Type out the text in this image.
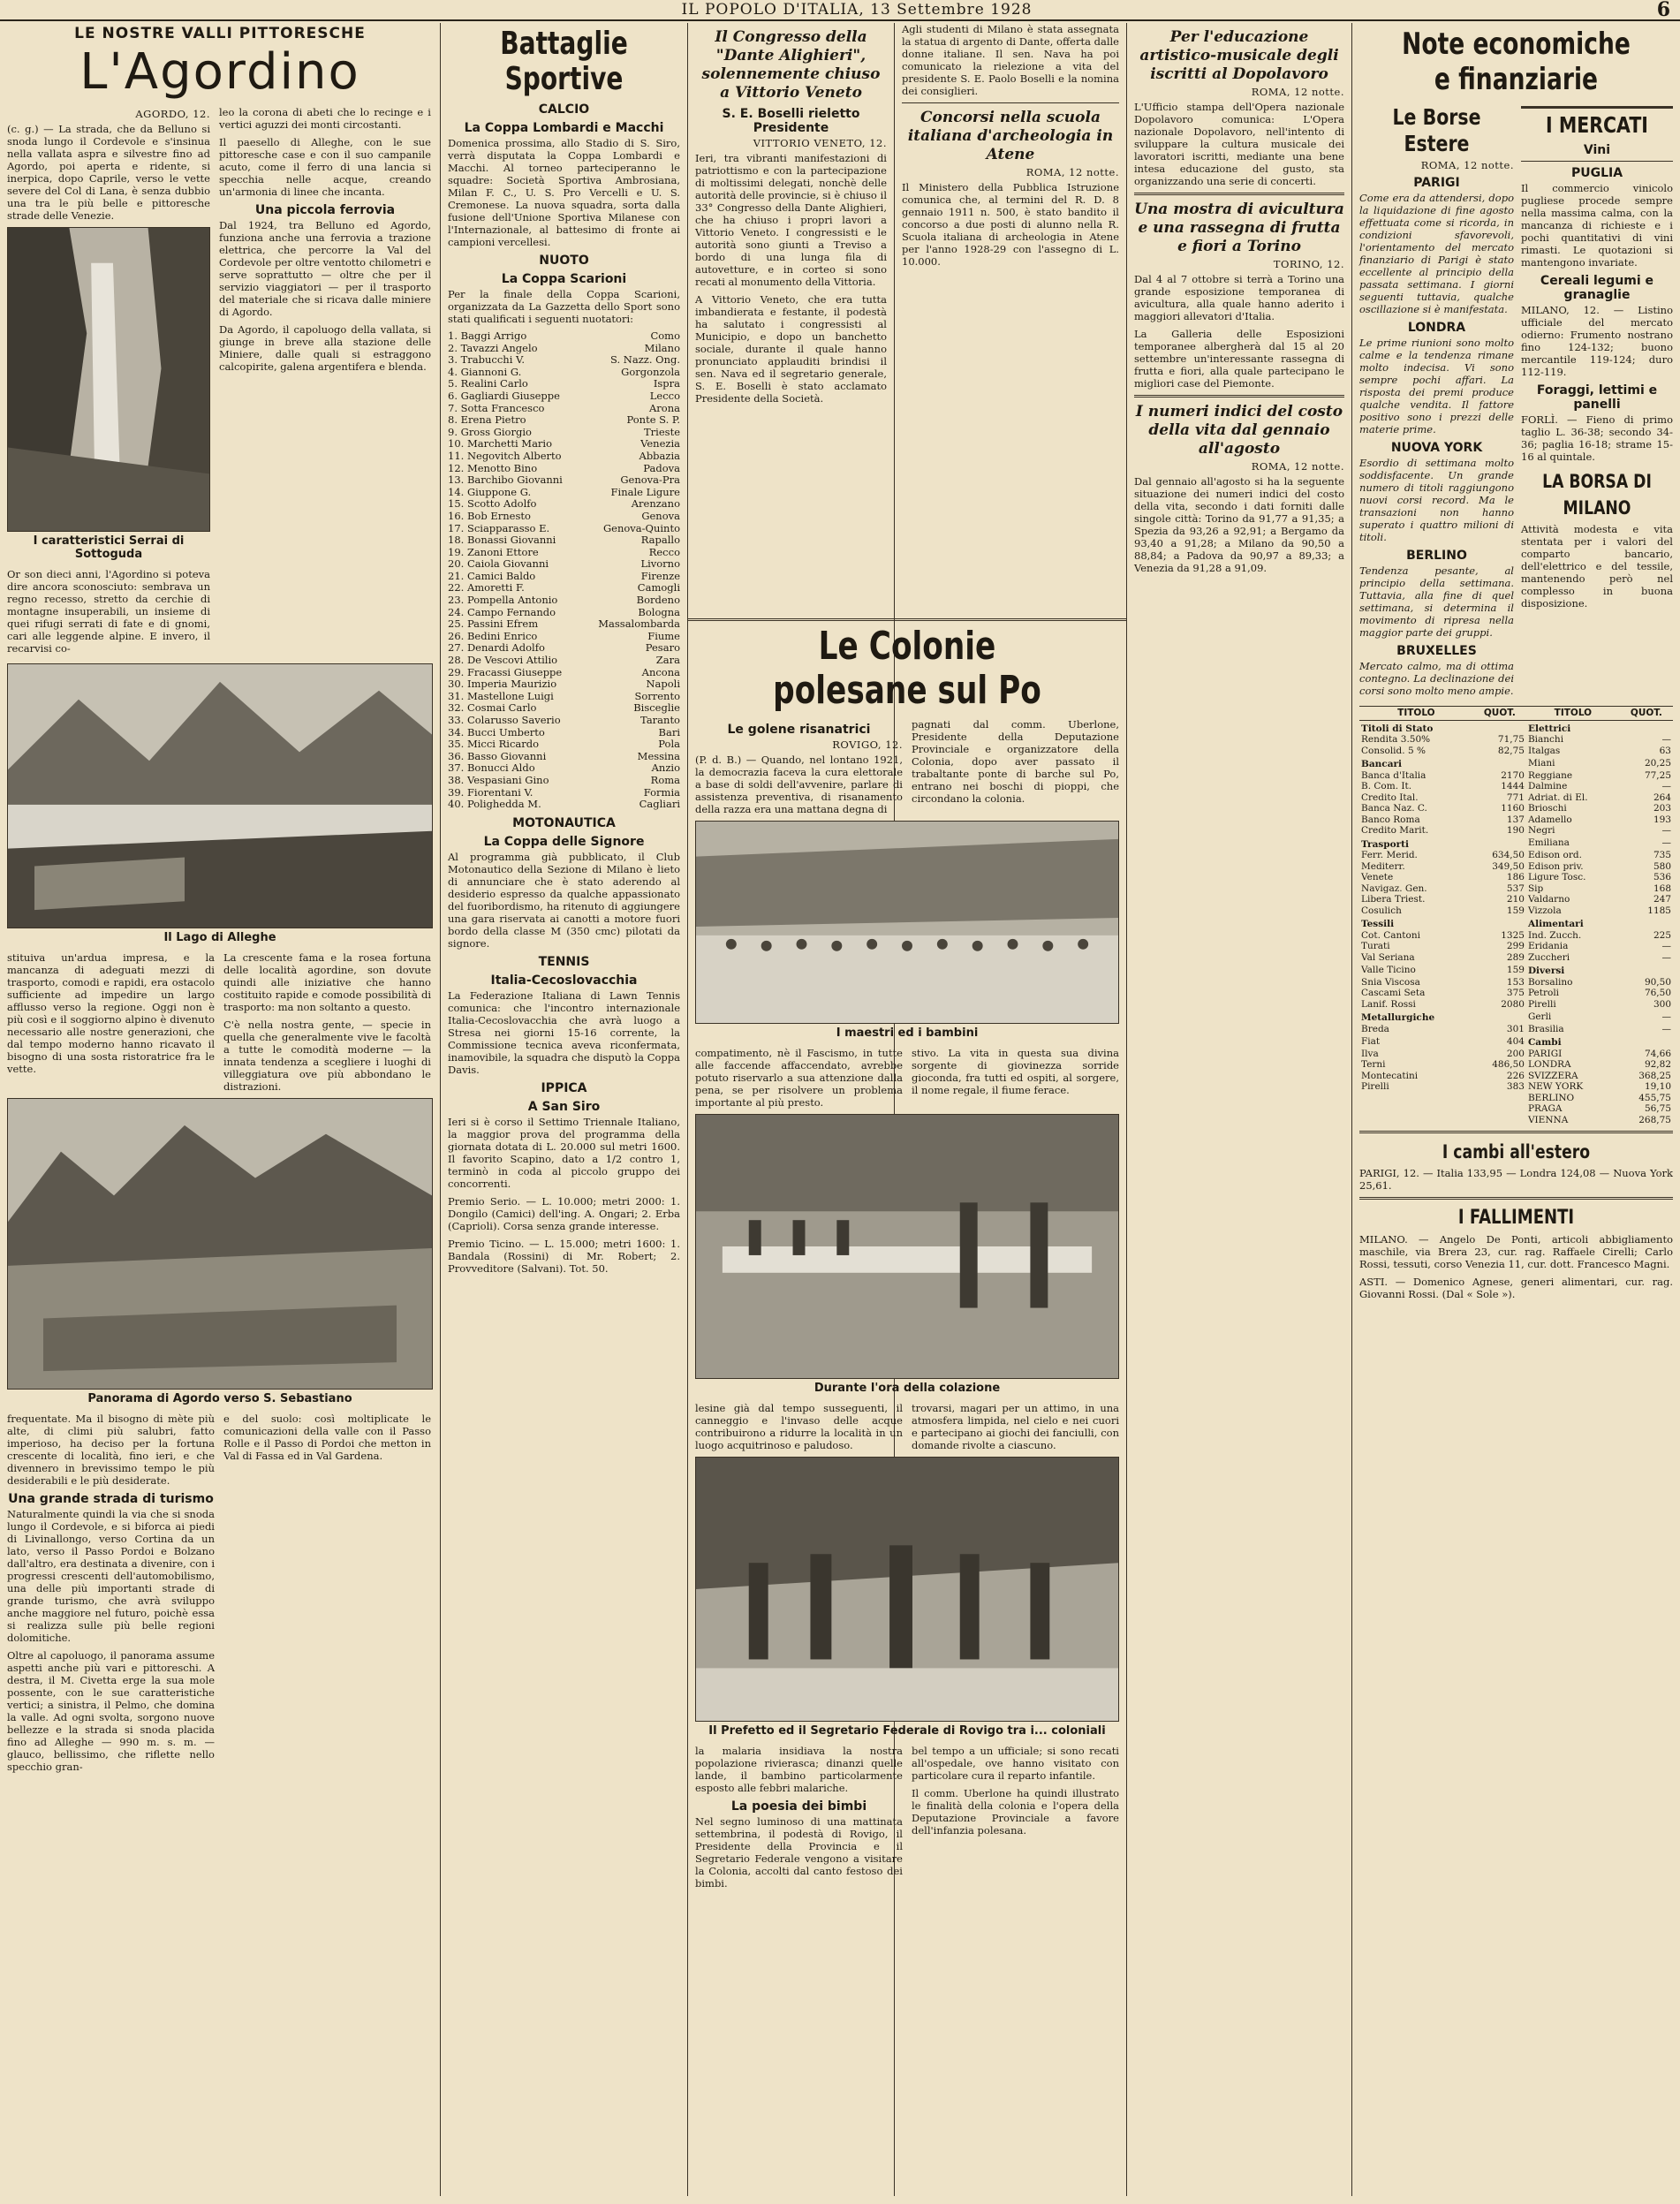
IL POPOLO D'ITALIA, 13 Settembre 1928	6
LE NOSTRE VALLI PITTORESCHE
L'Agordino
AGORDO, 12.

(c. g.) — La strada, che da Belluno si snoda lungo il Cordevole e s'insinua nella vallata aspra e silvestre fino ad Agordo, poi aperta e ridente, si inerpica, dopo Caprile, verso le vette severe del Col di Lana, è senza dubbio una tra le più belle e pittoresche strade delle Venezie.

I caratteristici Serrai di Sottoguda

Or son dieci anni, l'Agordino si poteva dire ancora sconosciuto: sembrava un regno recesso, stretto da cerchie di montagne insuperabili, un insieme di quei rifugi serrati di fate e di gnomi, cari alle leggende alpine. E invero, il recarvisi co-

leo la corona di abeti che lo recinge e i vertici aguzzi dei monti circostanti.

Il paesello di Alleghe, con le sue pittoresche case e con il suo campanile acuto, come il ferro di una lancia si specchia nelle acque, creando un'armonia di linee che incanta.

Una piccola ferrovia

Dal 1924, tra Belluno ed Agordo, funziona anche una ferrovia a trazione elettrica, che percorre la Val del Cordevole per oltre ventotto chilometri e serve soprattutto — oltre che per il servizio viaggiatori — per il trasporto del materiale che si ricava dalle miniere di Agordo.

Da Agordo, il capoluogo della vallata, si giunge in breve alla stazione delle Miniere, dalle quali si estraggono calcopirite, galena argentifera e blenda.

Il Lago di Alleghe

stituiva un'ardua impresa, e la mancanza di adeguati mezzi di trasporto, comodi e rapidi, era ostacolo sufficiente ad impedire un largo afflusso verso la regione. Oggi non è più così e il soggiorno alpino è divenuto necessario alle nostre generazioni, che dal tempo moderno hanno ricavato il bisogno di una sosta ristoratrice fra le vette.

La crescente fama e la rosea fortuna delle località agordine, son dovute quindi alle iniziative che hanno costituito rapide e comode possibilità di trasporto: ma non soltanto a questo.

C'è nella nostra gente, — specie in quella che generalmente vive le facoltà a tutte le comodità moderne — la innata tendenza a scegliere i luoghi di villeggiatura ove più abbondano le distrazioni.

Panorama di Agordo verso S. Sebastiano

frequentate. Ma il bisogno di mète più alte, di climi più salubri, fatto imperioso, ha deciso per la fortuna crescente di località, fino ieri, e che divennero in brevissimo tempo le più desiderabili e le più desiderate.

Una grande strada di turismo

Naturalmente quindi la via che si snoda lungo il Cordevole, e si biforca ai piedi di Livinallongo, verso Cortina da un lato, verso il Passo Pordoi e Bolzano dall'altro, era destinata a divenire, con i progressi crescenti dell'automobilismo, una delle più importanti strade di grande turismo, che avrà sviluppo anche maggiore nel futuro, poichè essa si realizza sulle più belle regioni dolomitiche.

Oltre al capoluogo, il panorama assume aspetti anche più vari e pittoreschi. A destra, il M. Civetta erge la sua mole possente, con le sue caratteristiche vertici; a sinistra, il Pelmo, che domina la valle. Ad ogni svolta, sorgono nuove bellezze e la strada si snoda placida fino ad Alleghe — 990 m. s. m. — glauco, bellissimo, che riflette nello specchio gran-

e del suolo: così moltiplicate le comunicazioni della valle con il Passo Rolle e il Passo di Pordoi che metton in Val di Fassa ed in Val Gardena.

Battaglie Sportive
CALCIO
La Coppa Lombardi e Macchi

Domenica prossima, allo Stadio di S. Siro, verrà disputata la Coppa Lombardi e Macchi. Al torneo parteciperanno le squadre: Società Sportiva Ambrosiana, Milan F. C., U. S. Pro Vercelli e U. S. Cremonese. La nuova squadra, sorta dalla fusione dell'Unione Sportiva Milanese con l'Internazionale, al battesimo di fronte ai campioni vercellesi.

NUOTO
La Coppa Scarioni

Per la finale della Coppa Scarioni, organizzata da La Gazzetta dello Sport sono stati qualificati i seguenti nuotatori:

1. Baggi Arrigo	Como
2. Tavazzi Angelo	Milano
3. Trabucchi V.	S. Nazz. Ong.
4. Giannoni G.	Gorgonzola
5. Realini Carlo	Ispra
6. Gagliardi Giuseppe	Lecco
7. Sotta Francesco	Arona
8. Erena Pietro	Ponte S. P.
9. Gross Giorgio	Trieste
10. Marchetti Mario	Venezia
11. Negovitch Alberto	Abbazia
12. Menotto Bino	Padova
13. Barchibo Giovanni	Genova-Pra
14. Giuppone G.	Finale Ligure
15. Scotto Adolfo	Arenzano
16. Bob Ernesto	Genova
17. Sciapparasso E.	Genova-Quinto
18. Bonassi Giovanni	Rapallo
19. Zanoni Ettore	Recco
20. Caiola Giovanni	Livorno
21. Camici Baldo	Firenze
22. Amoretti F.	Camogli
23. Pompella Antonio	Bordeno
24. Campo Fernando	Bologna
25. Passini Efrem	Massalombarda
26. Bedini Enrico	Fiume
27. Denardi Adolfo	Pesaro
28. De Vescovi Attilio	Zara
29. Fracassi Giuseppe	Ancona
30. Imperia Maurizio	Napoli
31. Mastellone Luigi	Sorrento
32. Cosmai Carlo	Bisceglie
33. Colarusso Saverio	Taranto
34. Bucci Umberto	Bari
35. Micci Ricardo	Pola
36. Basso Giovanni	Messina
37. Bonucci Aldo	Anzio
38. Vespasiani Gino	Roma
39. Fiorentani V.	Formia
40. Polighedda M.	Cagliari
MOTONAUTICA
La Coppa delle Signore

Al programma già pubblicato, il Club Motonautico della Sezione di Milano è lieto di annunciare che è stato aderendo al desiderio espresso da qualche appassionato del fuoribordismo, ha ritenuto di aggiungere una gara riservata ai canotti a motore fuori bordo della classe M (350 cmc) pilotati da signore.

TENNIS
Italia-Cecoslovacchia

La Federazione Italiana di Lawn Tennis comunica: che l'incontro internazionale Italia-Cecoslovacchia che avrà luogo a Stresa nei giorni 15-16 corrente, la Commissione tecnica aveva riconfermata, inamovibile, la squadra che disputò la Coppa Davis.

IPPICA
A San Siro

Ieri si è corso il Settimo Triennale Italiano, la maggior prova del programma della giornata dotata di L. 20.000 sul metri 1600. Il favorito Scapino, dato a 1/2 contro 1, terminò in coda al piccolo gruppo dei concorrenti.

Premio Serio. — L. 10.000; metri 2000: 1. Dongilo (Camici) dell'ing. A. Ongari; 2. Erba (Caprioli). Corsa senza grande interesse.

Premio Ticino. — L. 15.000; metri 1600: 1. Bandala (Rossini) di Mr. Robert; 2. Provveditore (Salvani). Tot. 50.

Il Congresso della "Dante Alighieri", solennemente chiuso a Vittorio Veneto
S. E. Boselli rieletto Presidente
VITTORIO VENETO, 12.

Ieri, tra vibranti manifestazioni di patriottismo e con la partecipazione di moltissimi delegati, nonchè delle autorità delle provincie, si è chiuso il 33° Congresso della Dante Alighieri, che ha chiuso i propri lavori a Vittorio Veneto. I congressisti e le autorità sono giunti a Treviso a bordo di una lunga fila di autovetture, e in corteo si sono recati al monumento della Vittoria.

A Vittorio Veneto, che era tutta imbandierata e festante, il podestà ha salutato i congressisti al Municipio, e dopo un banchetto sociale, durante il quale hanno pronunciato applauditi brindisi il sen. Nava ed il segretario generale, S. E. Boselli è stato acclamato Presidente della Società.

Agli studenti di Milano è stata assegnata la statua di argento di Dante, offerta dalle donne italiane. Il sen. Nava ha poi comunicato la rielezione a vita del presidente S. E. Paolo Boselli e la nomina dei consiglieri.

Concorsi nella scuola italiana d'archeologia in Atene
ROMA, 12 notte.

Il Ministero della Pubblica Istruzione comunica che, al termini del R. D. 8 gennaio 1911 n. 500, è stato bandito il concorso a due posti di alunno nella R. Scuola italiana di archeologia in Atene per l'anno 1928-29 con l'assegno di L. 10.000.

Le Colonie polesane sul Po
Le golene risanatrici
ROVIGO, 12.

(P. d. B.) — Quando, nel lontano 1921, la democrazia faceva la cura elettorale a base di soldi dell'avvenire, parlare di assistenza preventiva, di risanamento della razza era una mattana degna di

pagnati dal comm. Uberlone, Presidente della Deputazione Provinciale e organizzatore della Colonia, dopo aver passato il trabaltante ponte di barche sul Po, entrano nei boschi di pioppi, che circondano la colonia.

I maestri ed i bambini

compatimento, nè il Fascismo, in tutte alle faccende affaccendato, avrebbe potuto riservarlo a sua attenzione dalla pena, se per risolvere un problema importante al più presto.

stivo. La vita in questa sua divina sorgente di giovinezza sorride gioconda, fra tutti ed ospiti, al sorgere, il nome regale, il fiume ferace.

Durante l'ora della colazione

lesine già dal tempo susseguenti, il canneggio e l'invaso delle acque contribuirono a ridurre la località in un luogo acquitrinoso e paludoso.

trovarsi, magari per un attimo, in una atmosfera limpida, nel cielo e nei cuori e partecipano ai giochi dei fanciulli, con domande rivolte a ciascuno.

Il Prefetto ed il Segretario Federale di Rovigo tra i... coloniali

la malaria insidiava la nostra popolazione rivierasca; dinanzi quelle lande, il bambino particolarmente esposto alle febbri malariche.

La poesia dei bimbi

Nel segno luminoso di una mattinata settembrina, il podestà di Rovigo, il Presidente della Provincia e il Segretario Federale vengono a visitare la Colonia, accolti dal canto festoso dei bimbi.

bel tempo a un ufficiale; si sono recati all'ospedale, ove hanno visitato con particolare cura il reparto infantile.

Il comm. Uberlone ha quindi illustrato le finalità della colonia e l'opera della Deputazione Provinciale a favore dell'infanzia polesana.

Per l'educazione artistico-musicale degli iscritti al Dopolavoro
ROMA, 12 notte.

L'Ufficio stampa dell'Opera nazionale Dopolavoro comunica: L'Opera nazionale Dopolavoro, nell'intento di sviluppare la cultura musicale dei lavoratori iscritti, mediante una bene intesa educazione del gusto, sta organizzando una serie di concerti.

Una mostra di avicultura e una rassegna di frutta e fiori a Torino
TORINO, 12.

Dal 4 al 7 ottobre si terrà a Torino una grande esposizione temporanea di avicultura, alla quale hanno aderito i maggiori allevatori d'Italia.

La Galleria delle Esposizioni temporanee albergherà dal 15 al 20 settembre un'interessante rassegna di frutta e fiori, alla quale partecipano le migliori case del Piemonte.

I numeri indici del costo della vita dal gennaio all'agosto
ROMA, 12 notte.

Dal gennaio all'agosto si ha la seguente situazione dei numeri indici del costo della vita, secondo i dati forniti dalle singole città: Torino da 91,77 a 91,35; a Spezia da 93,26 a 92,91; a Bergamo da 93,40 a 91,28; a Milano da 90,50 a 88,84; a Padova da 90,97 a 89,33; a Venezia da 91,28 a 91,09.

Note economiche e finanziarie
Le Borse Estere
ROMA, 12 notte.
PARIGI

Come era da attendersi, dopo la liquidazione di fine agosto effettuata come si ricorda, in condizioni sfavorevoli, l'orientamento del mercato finanziario di Parigi è stato eccellente al principio della passata settimana. I giorni seguenti tuttavia, qualche oscillazione si è manifestata.

LONDRA

Le prime riunioni sono molto calme e la tendenza rimane molto indecisa. Vi sono sempre pochi affari. La risposta dei premi produce qualche vendita. Il fattore positivo sono i prezzi delle materie prime.

NUOVA YORK

Esordio di settimana molto soddisfacente. Un grande numero di titoli raggiungono nuovi corsi record. Ma le transazioni non hanno superato i quattro milioni di titoli.

BERLINO

Tendenza pesante, al principio della settimana. Tuttavia, alla fine di quel settimana, si determina il movimento di ripresa nella maggior parte dei gruppi.

BRUXELLES

Mercato calmo, ma di ottima contegno. La declinazione dei corsi sono molto meno ampie.

I MERCATI
Vini
PUGLIA

Il commercio vinicolo pugliese procede sempre nella massima calma, con la mancanza di richieste e i pochi quantitativi di vini rimasti. Le quotazioni si mantengono invariate.

Cereali legumi e granaglie

MILANO, 12. — Listino ufficiale del mercato odierno: Frumento nostrano fino 124-132; buono mercantile 119-124; duro 112-119.

Foraggi, lettimi e panelli

FORLÌ. — Fieno di primo taglio L. 36-38; secondo 34-36; paglia 16-18; strame 15-16 al quintale.

LA BORSA DI MILANO

Attività modesta e vita stentata per i valori del comparto bancario, dell'elettrico e del tessile, mantenendo però nel complesso in buona disposizione.

TITOLO	QUOT.	TITOLO	QUOT.
Titoli di Stato		Elettrici	
Rendita 3.50%	71,75	Bianchi	—
Consolid. 5 %	82,75	Italgas	63
Bancari		Miani	20,25
Banca d'Italia	2170	Reggiane	77,25
B. Com. It.	1444	Dalmine	—
Credito Ital.	771	Adriat. di El.	264
Banca Naz. C.	1160	Brioschi	203
Banco Roma	137	Adamello	193
Credito Marit.	190	Negri	—
Trasporti		Emiliana	—
Ferr. Merid.	634,50	Edison ord.	735
Mediterr.	349,50	Edison priv.	580
Venete	186	Ligure Tosc.	536
Navigaz. Gen.	537	Sip	168
Libera Triest.	210	Valdarno	247
Cosulich	159	Vizzola	1185
Tessili		Alimentari	
Cot. Cantoni	1325	Ind. Zucch.	225
Turati	299	Eridania	—
Val Seriana	289	Zuccheri	—
Valle Ticino	159	Diversi	
Snia Viscosa	153	Borsalino	90,50
Cascami Seta	375	Petroli	76,50
Lanif. Rossi	2080	Pirelli	300
Metallurgiche		Gerli	—
Breda	301	Brasilia	—
Fiat	404	Cambi	
Ilva	200	PARIGI	74,66
Terni	486,50	LONDRA	92,82
Montecatini	226	SVIZZERA	368,25
Pirelli	383	NEW YORK	19,10
		BERLINO	455,75
		PRAGA	56,75
		VIENNA	268,75
I cambi all'estero

PARIGI, 12. — Italia 133,95 — Londra 124,08 — Nuova York 25,61.

I FALLIMENTI

MILANO. — Angelo De Ponti, articoli abbigliamento maschile, via Brera 23, cur. rag. Raffaele Cirelli; Carlo Rossi, tessuti, corso Venezia 11, cur. dott. Francesco Magni.

ASTI. — Domenico Agnese, generi alimentari, cur. rag. Giovanni Rossi. (Dal « Sole »).
